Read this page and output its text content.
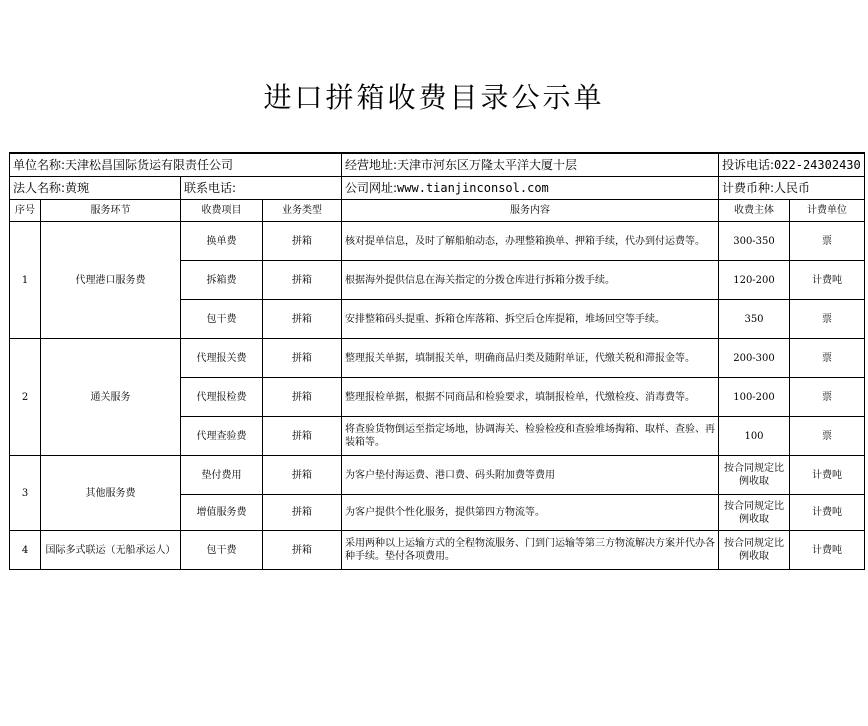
进口拼箱收费目录公示单
单位名称:天津松昌国际货运有限责任公司				经营地址:天津市河东区万隆太平洋大厦十层	投诉电话:022-24302430	
法人名称:黄琬		联系电话:		公司网址:www.tianjinconsol.com	计费币种:人民币	
序号	服务环节	收费项目	业务类型	服务内容	收费主体	计费单位
1	代理港口服务费	换单费	拼箱	核对提单信息，及时了解船舶动态，办理整箱换单、押箱手续，代办到付运费等。	300-350	票
		拆箱费	拼箱	根据海外提供信息在海关指定的分拨仓库进行拆箱分拨手续。	120-200	计费吨
		包干费	拼箱	安排整箱码头提重、拆箱仓库落箱、拆空后仓库提箱，堆场回空等手续。	350	票
2	通关服务	代理报关费	拼箱	整理报关单据，填制报关单，明确商品归类及随附单证，代缴关税和滞报金等。	200-300	票
		代理报检费	拼箱	整理报检单据，根据不同商品和检验要求，填制报检单，代缴检疫、消毒费等。	100-200	票
		代理查验费	拼箱	将查验货物倒运至指定场地，协调海关、检验检疫和查验堆场掏箱、取样、查验、再装箱等。	100	票
3	其他服务费	垫付费用	拼箱	为客户垫付海运费、港口费、码头附加费等费用	按合同规定比例收取	计费吨
		增值服务费	拼箱	为客户提供个性化服务，提供第四方物流等。	按合同规定比例收取	计费吨
4	国际多式联运（无船承运人）	包干费	拼箱	采用两种以上运输方式的全程物流服务、门到门运输等第三方物流解决方案并代办各种手续。垫付各项费用。	按合同规定比例收取	计费吨
